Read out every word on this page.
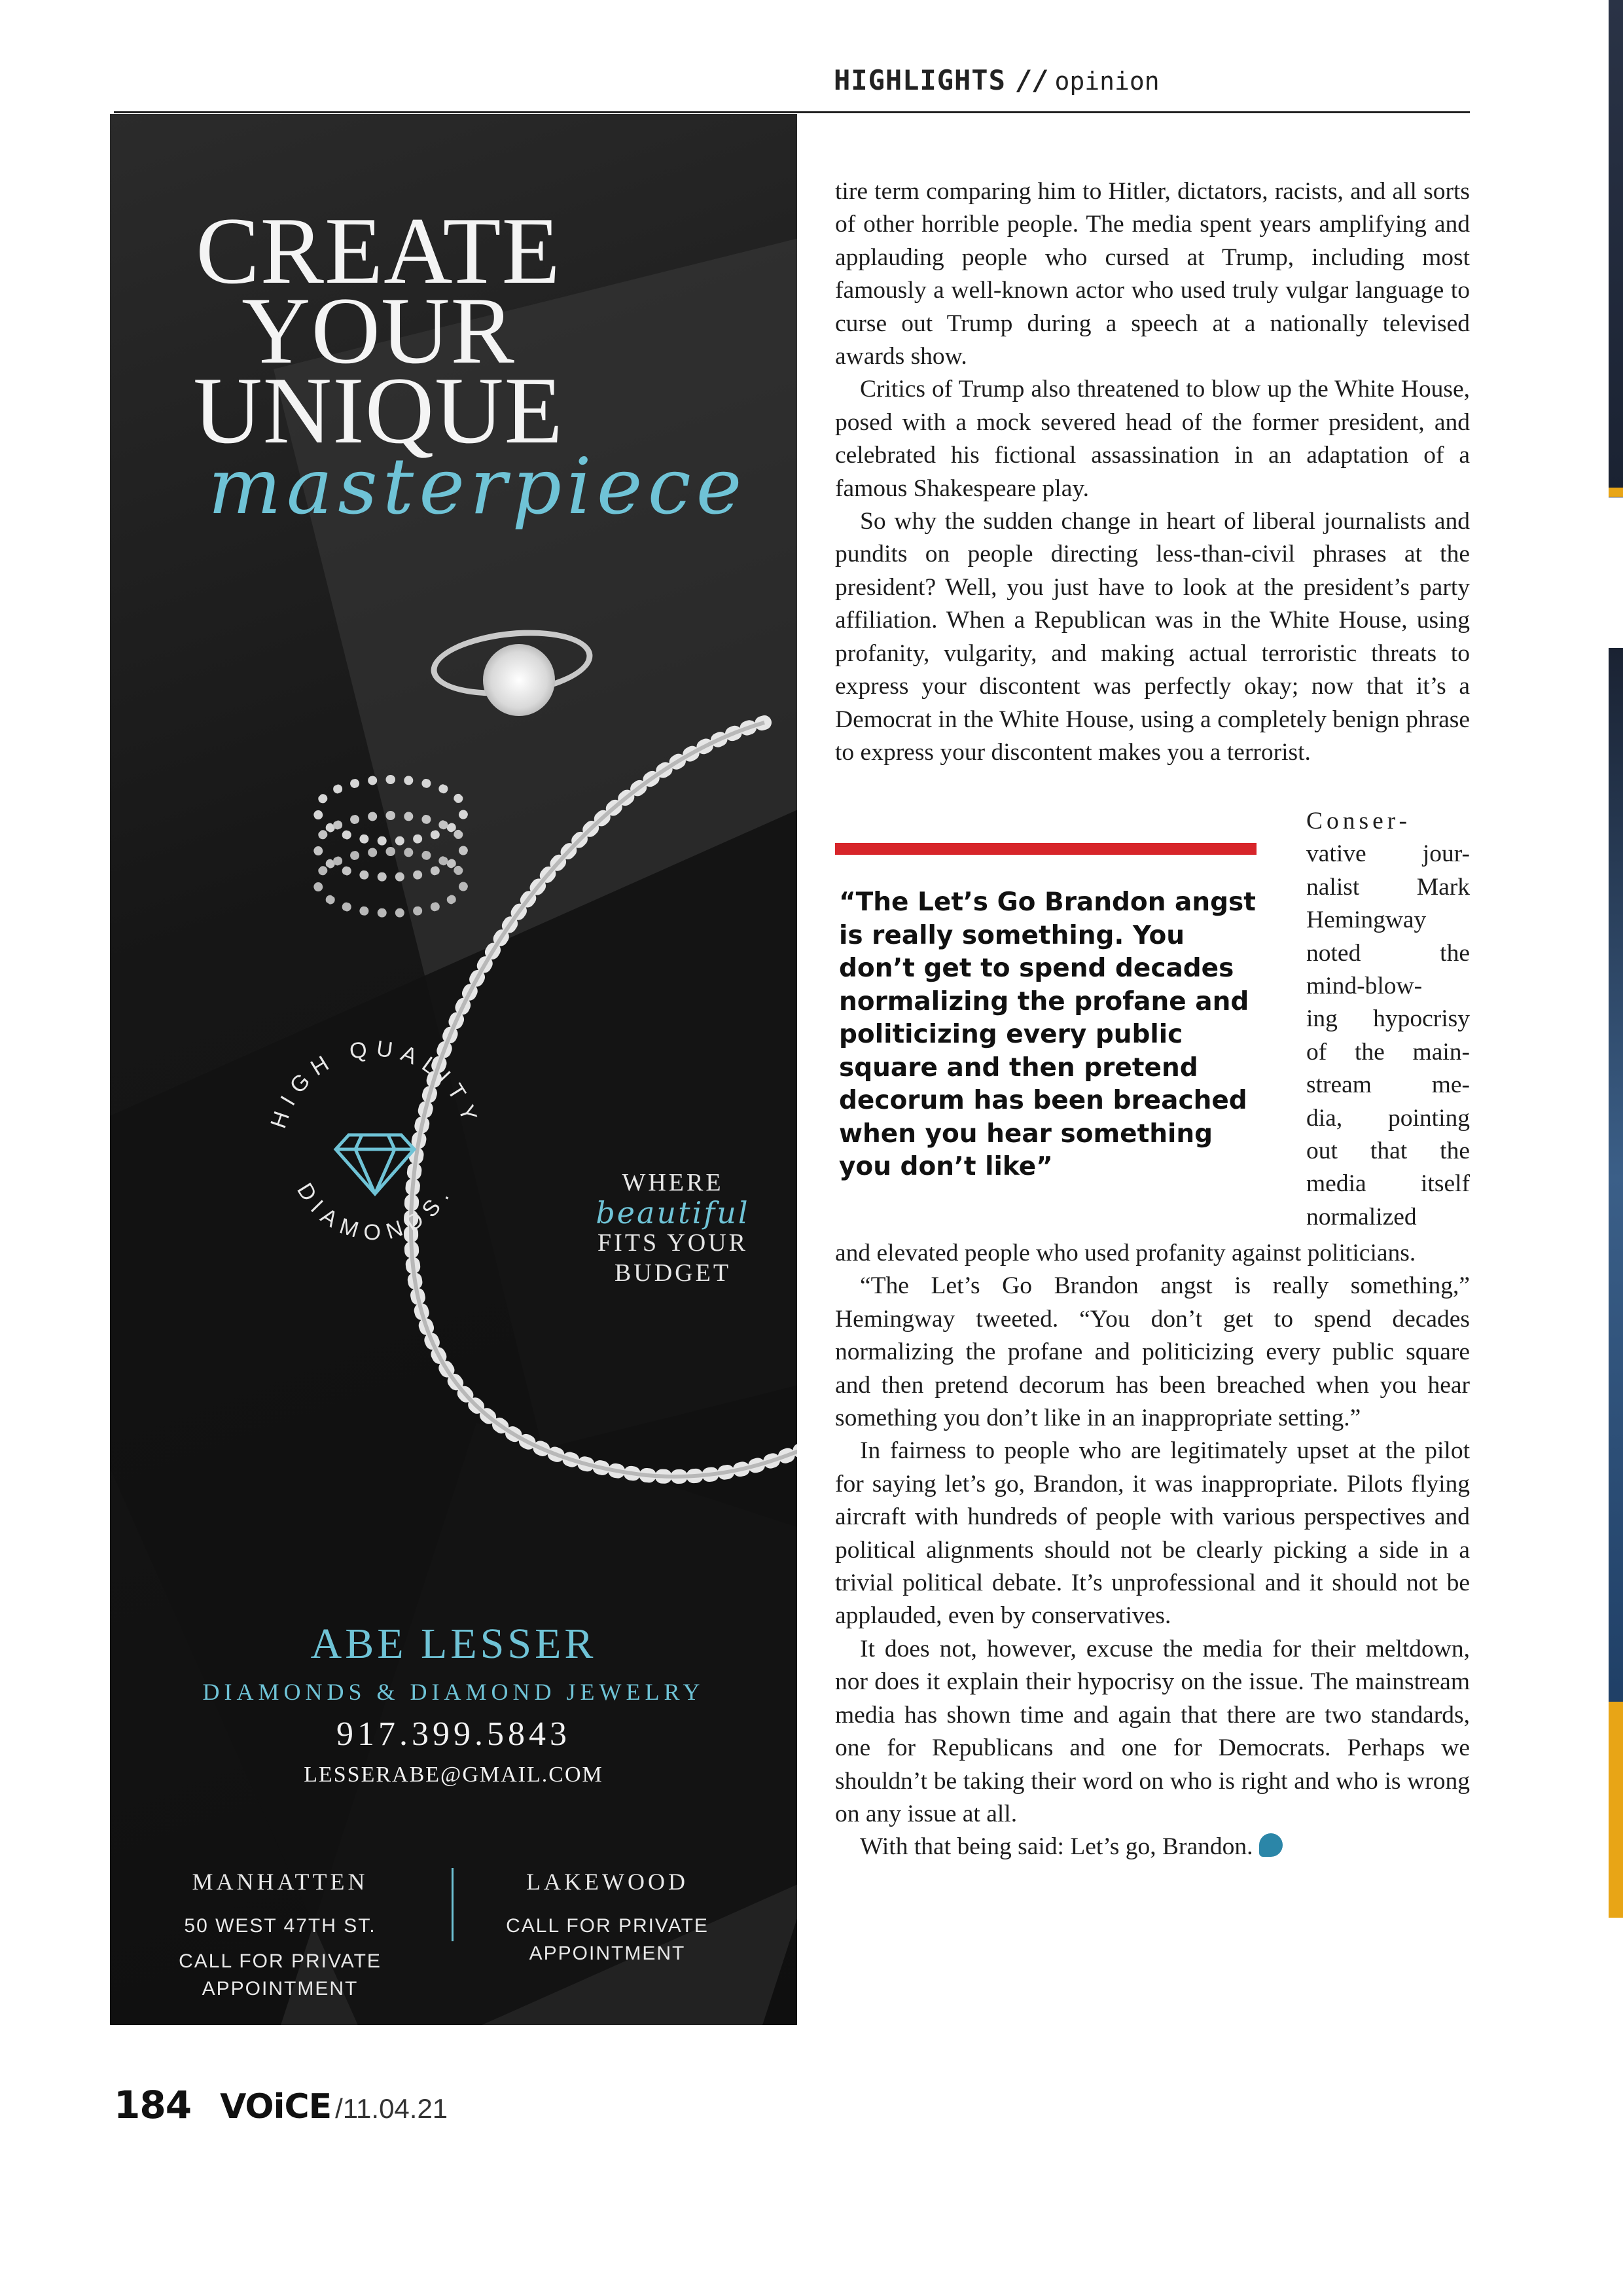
HIGHLIGHTS // opinion
CREATE
YOUR
UNIQUE
masterpiece
HIGH QUALITY
DIAMONDS.	WHERE
beautiful
FITS YOUR
BUDGET
ABE LESSER
DIAMONDS & DIAMOND JEWELRY
917.399.5843
LESSERABE@GMAIL.COM
MANHATTEN
50 WEST 47TH ST.
CALL FOR PRIVATE
APPOINTMENT
LAKEWOOD
CALL FOR PRIVATE
APPOINTMENT

tire term comparing him to Hitler, dictators, racists, and all sorts of other horrible people. The media spent years amplifying and applauding people who cursed at Trump, including most famously a well-known actor who used truly vulgar language to curse out Trump during a speech at a nationally televised awards show.

Critics of Trump also threatened to blow up the White House, posed with a mock severed head of the former president, and celebrated his fictional assassination in an adaptation of a famous Shakespeare play.

So why the sudden change in heart of liberal journalists and pundits on people directing less-than-civil phrases at the president? Well, you just have to look at the president’s party affiliation. When a Republican was in the White House, using profanity, vulgarity, and making actual terroristic threats to express your discontent was perfectly okay; now that it’s a Democrat in the White House, using a completely benign phrase to express your discontent makes you a terrorist.

“The Let’s Go Brandon angst is really something. You don’t get to spend decades normalizing the profane and politicizing every public square and then pretend decorum has been breached when you hear something you don’t like”
Conser-
vative jour-
nalist Mark
Hemingway
noted the
mind-blow-
ing hypocrisy
of the main-
stream me-
dia, pointing
out that the
media itself
normalized

and elevated people who used profanity against politicians.

“The Let’s Go Brandon angst is really something,” Hemingway tweeted. “You don’t get to spend decades normalizing the profane and politicizing every public square and then pretend decorum has been breached when you hear something you don’t like in an inappropriate setting.”

In fairness to people who are legitimately upset at the pilot for saying let’s go, Brandon, it was inappropriate. Pilots flying aircraft with hundreds of people with various perspectives and political alignments should not be clearly picking a side in a trivial political debate. It’s unprofessional and it should not be applauded, even by conservatives.

It does not, however, excuse the media for their meltdown, nor does it explain their hypocrisy on the issue. The mainstream media has shown time and again that there are two standards, one for Republicans and one for Democrats. Perhaps we shouldn’t be taking their word on who is right and who is wrong on any issue at all.

With that being said: Let’s go, Brandon.

184 VOiCE /11.04.21
